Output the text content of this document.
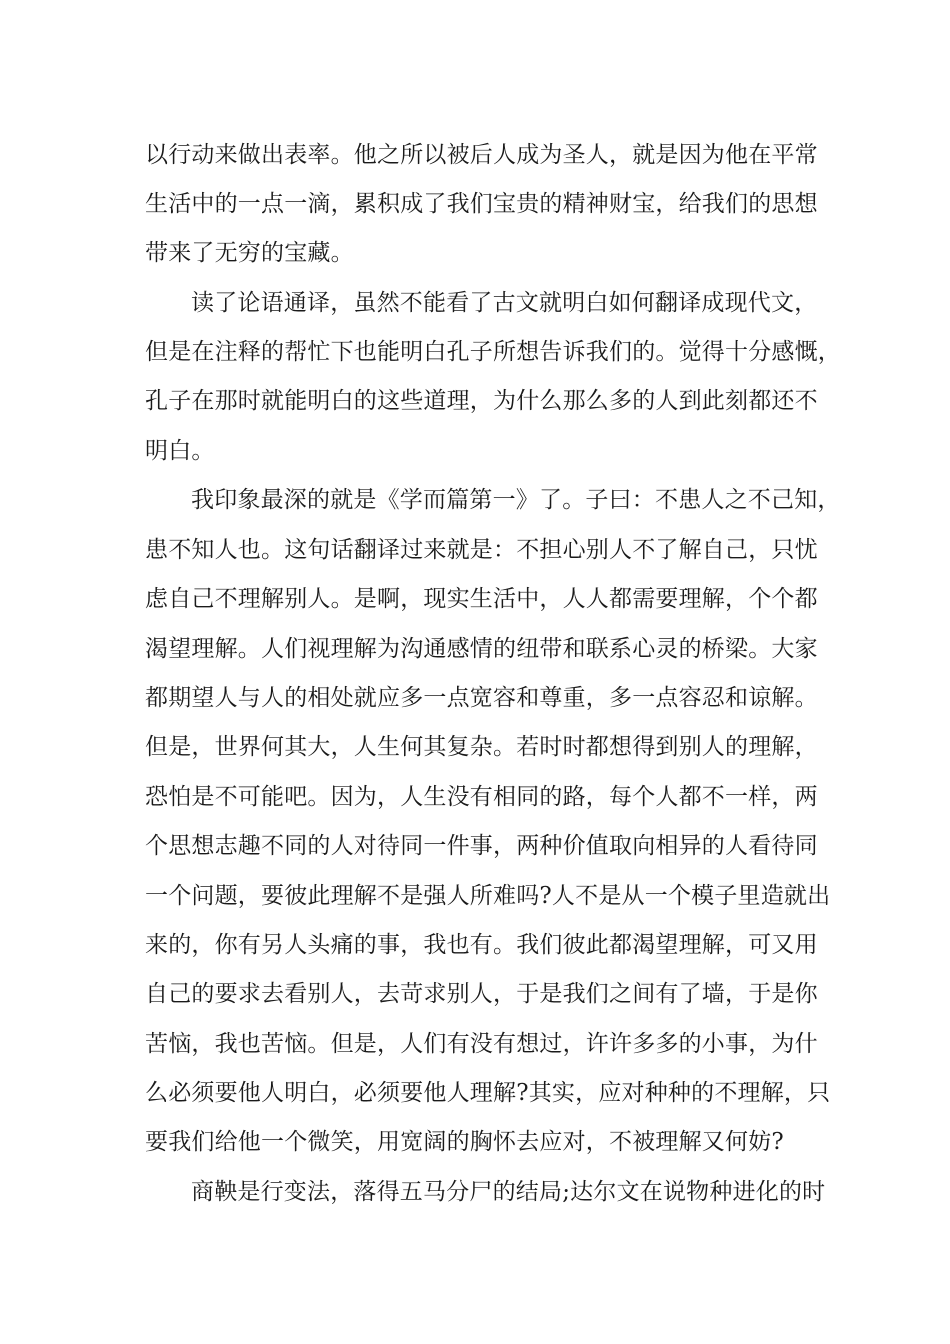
以行动来做出表率。他之所以被后人成为圣人，就是因为他在平常
生活中的一点一滴，累积成了我们宝贵的精神财宝，给我们的思想
带来了无穷的宝藏。
读了论语通译，虽然不能看了古文就明白如何翻译成现代文，
但是在注释的帮忙下也能明白孔子所想告诉我们的。觉得十分感慨，
孔子在那时就能明白的这些道理，为什么那么多的人到此刻都还不
明白。
我印象最深的就是《学而篇第一》了。子曰：不患人之不己知，
患不知人也。这句话翻译过来就是：不担心别人不了解自己，只忧
虑自己不理解别人。是啊，现实生活中，人人都需要理解，个个都
渴望理解。人们视理解为沟通感情的纽带和联系心灵的桥梁。大家
都期望人与人的相处就应多一点宽容和尊重，多一点容忍和谅解。
但是，世界何其大，人生何其复杂。若时时都想得到别人的理解，
恐怕是不可能吧。因为，人生没有相同的路，每个人都不一样，两
个思想志趣不同的人对待同一件事，两种价值取向相异的人看待同
一个问题，要彼此理解不是强人所难吗?人不是从一个模子里造就出
来的，你有另人头痛的事，我也有。我们彼此都渴望理解，可又用
自己的要求去看别人，去苛求别人，于是我们之间有了墙，于是你
苦恼，我也苦恼。但是，人们有没有想过，许许多多的小事，为什
么必须要他人明白，必须要他人理解?其实，应对种种的不理解，只
要我们给他一个微笑，用宽阔的胸怀去应对，不被理解又何妨?
商鞅是行变法，落得五马分尸的结局;达尔文在说物种进化的时
